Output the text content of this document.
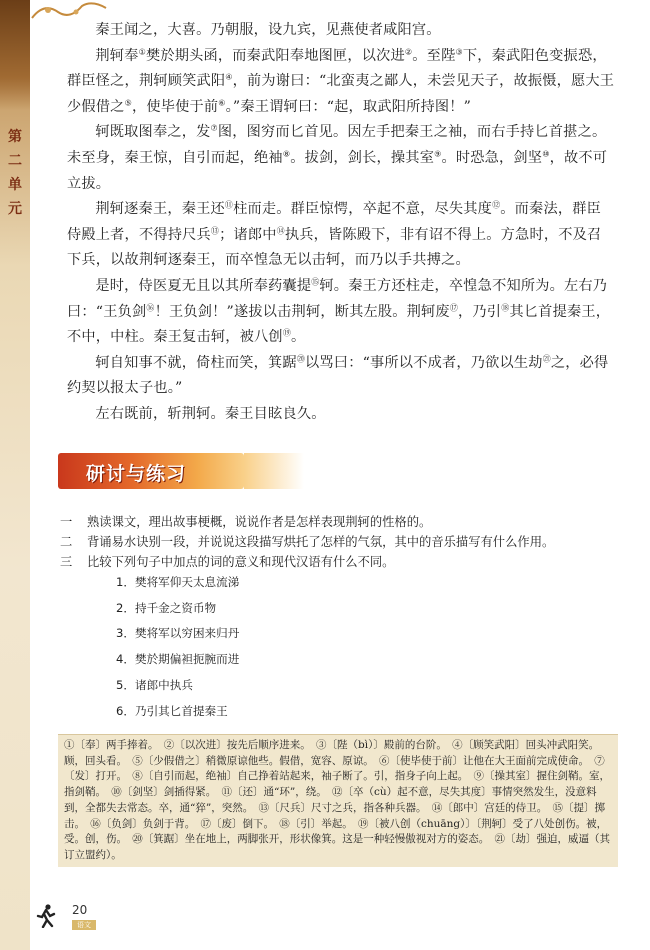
第
二
单
元

秦王闻之，大喜。乃朝服，设九宾，见燕使者咸阳宫。

荆轲奉①樊於期头函，而秦武阳奉地图匣，以次进②。至陛③下，秦武阳色变振恐，群臣怪之，荆轲顾笑武阳④，前为谢曰：“北蛮夷之鄙人，未尝见天子，故振慑，愿大王少假借之⑤，使毕使于前⑥。”秦王谓轲曰：“起，取武阳所持图！”

轲既取图奉之，发⑦图，图穷而匕首见。因左手把秦王之袖，而右手持匕首揕之。未至身，秦王惊，自引而起，绝袖⑧。拔剑，剑长，操其室⑨。时恐急，剑坚⑩，故不可立拔。

荆轲逐秦王，秦王还⑪柱而走。群臣惊愕，卒起不意，尽失其度⑫。而秦法，群臣侍殿上者，不得持尺兵⑬；诸郎中⑭执兵，皆陈殿下，非有诏不得上。方急时，不及召下兵，以故荆轲逐秦王，而卒惶急无以击轲，而乃以手共搏之。

是时，侍医夏无且以其所奉药囊提⑮轲。秦王方还柱走，卒惶急不知所为。左右乃曰：“王负剑⑯！王负剑！”遂拔以击荆轲，断其左股。荆轲废⑰，乃引⑱其匕首提秦王，不中，中柱。秦王复击轲，被八创⑲。

轲自知事不就，倚柱而笑，箕踞⑳以骂曰：“事所以不成者，乃欲以生劫$^㉑$之，必得约契以报太子也。”

左右既前，斩荆轲。秦王目眩良久。

研讨与练习
一	熟读课文，理出故事梗概，说说作者是怎样表现荆轲的性格的。
二	背诵易水诀别一段，并说说这段描写烘托了怎样的气氛，其中的音乐描写有什么作用。
三	比较下列句子中加点的词的意义和现代汉语有什么不同。
1．樊将军仰天太息流涕
2．持千金之资币物
3．樊将军以穷困来归丹
4．樊於期偏袒扼腕而进
5．诸郎中执兵
6．乃引其匕首提秦王

①〔奉〕两手捧着。　②〔以次进〕按先后顺序进来。　③〔陛（bì）〕殿前的台阶。　④〔顾笑武阳〕回头冲武阳笑。顾，回头看。　⑤〔少假借之〕稍微原谅他些。假借，宽容、原谅。　⑥〔使毕使于前〕让他在大王面前完成使命。　⑦〔发〕打开。　⑧〔自引而起，绝袖〕自己挣着站起来，袖子断了。引，指身子向上起。　⑨〔操其室〕握住剑鞘。室，指剑鞘。　⑩〔剑坚〕剑插得紧。　⑪〔还〕通“环”，绕。　⑫〔卒（cù）起不意，尽失其度〕事情突然发生，没意料到，全都失去常态。卒，通“猝”，突然。　⑬〔尺兵〕尺寸之兵，指各种兵器。　⑭〔郎中〕宫廷的侍卫。　⑮〔提〕掷击。　⑯〔负剑〕负剑于背。　⑰〔废〕倒下。　⑱〔引〕举起。　⑲〔被八创（chuāng）〕〔荆轲〕受了八处创伤。被，受。创，伤。　⑳〔箕踞〕坐在地上，两脚张开，形状像箕。这是一种轻慢傲视对方的姿态。　㉑〔劫〕强迫，威逼（其订立盟约）。

20
语文
